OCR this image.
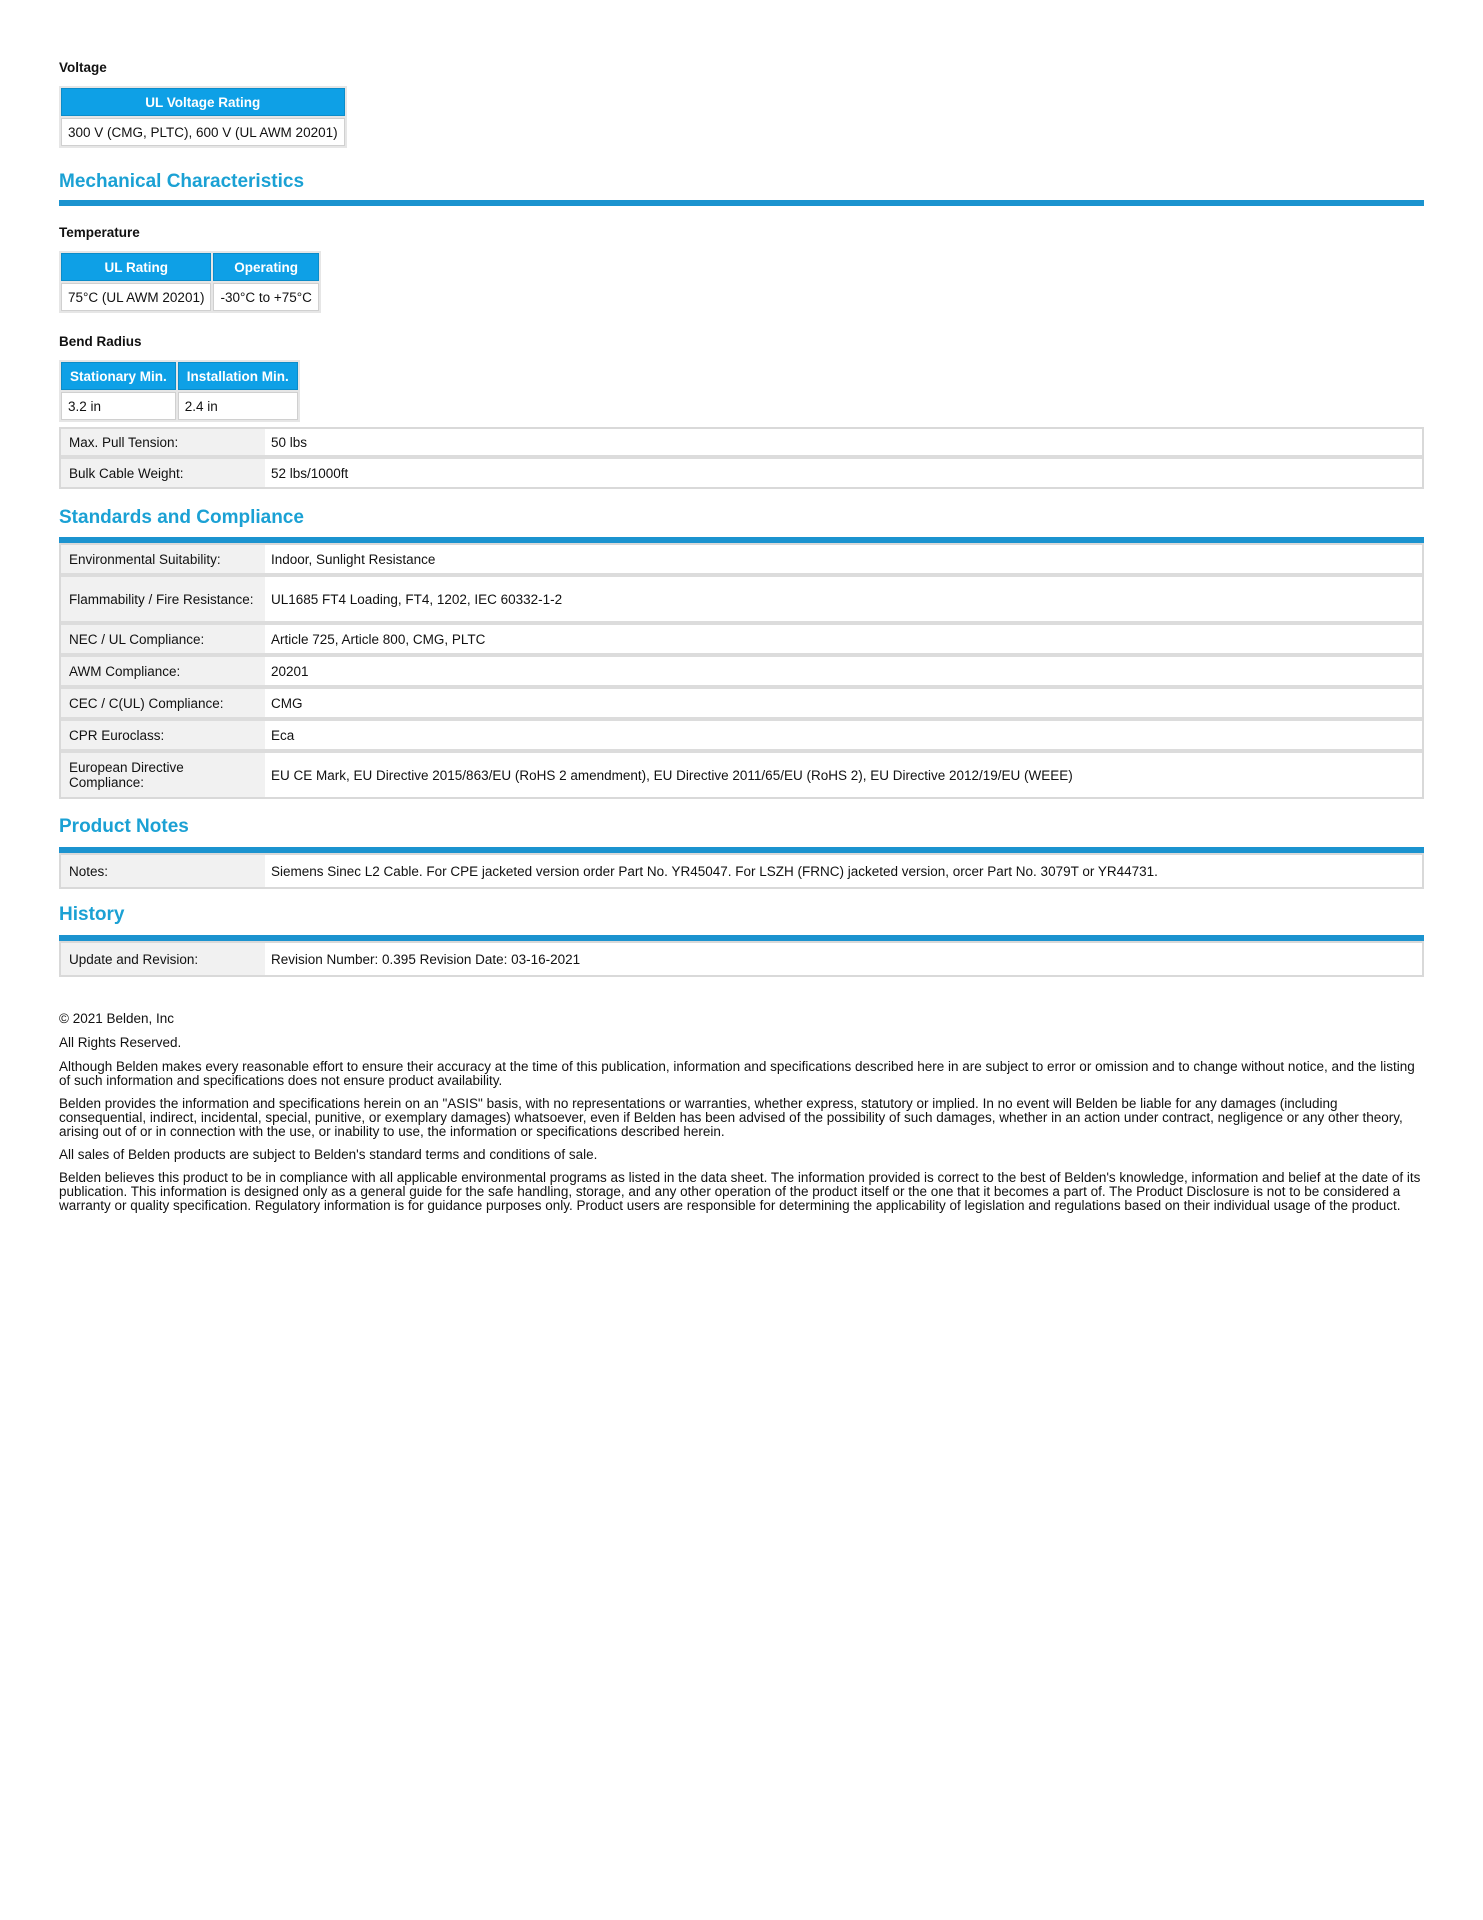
Voltage
UL Voltage Rating
300 V (CMG, PLTC), 600 V (UL AWM 20201)
Mechanical Characteristics
Temperature
UL Rating	Operating
75°C (UL AWM 20201)	-30°C to +75°C
Bend Radius
Stationary Min.	Installation Min.
3.2 in	2.4 in
Max. Pull Tension:	50 lbs
Bulk Cable Weight:	52 lbs/1000ft
Standards and Compliance
Environmental Suitability:	Indoor, Sunlight Resistance
Flammability / Fire Resistance:	UL1685 FT4 Loading, FT4, 1202, IEC 60332-1-2
NEC / UL Compliance:	Article 725, Article 800, CMG, PLTC
AWM Compliance:	20201
CEC / C(UL) Compliance:	CMG
CPR Euroclass:	Eca
European Directive Compliance:	EU CE Mark, EU Directive 2015/863/EU (RoHS 2 amendment), EU Directive 2011/65/EU (RoHS 2), EU Directive 2012/19/EU (WEEE)
Product Notes
Notes:	Siemens Sinec L2 Cable. For CPE jacketed version order Part No. YR45047. For LSZH (FRNC) jacketed version, orcer Part No. 3079T or YR44731.
History
Update and Revision:	Revision Number: 0.395 Revision Date: 03-16-2021

© 2021 Belden, Inc

All Rights Reserved.

Although Belden makes every reasonable effort to ensure their accuracy at the time of this publication, information and specifications described here in are subject to error or omission and to change without notice, and the listing of such information and specifications does not ensure product availability.

Belden provides the information and specifications herein on an "ASIS" basis, with no representations or warranties, whether express, statutory or implied. In no event will Belden be liable for any damages (including consequential, indirect, incidental, special, punitive, or exemplary damages) whatsoever, even if Belden has been advised of the possibility of such damages, whether in an action under contract, negligence or any other theory, arising out of or in connection with the use, or inability to use, the information or specifications described herein.

All sales of Belden products are subject to Belden's standard terms and conditions of sale.

Belden believes this product to be in compliance with all applicable environmental programs as listed in the data sheet. The information provided is correct to the best of Belden's knowledge, information and belief at the date of its publication. This information is designed only as a general guide for the safe handling, storage, and any other operation of the product itself or the one that it becomes a part of. The Product Disclosure is not to be considered a warranty or quality specification. Regulatory information is for guidance purposes only. Product users are responsible for determining the applicability of legislation and regulations based on their individual usage of the product.
